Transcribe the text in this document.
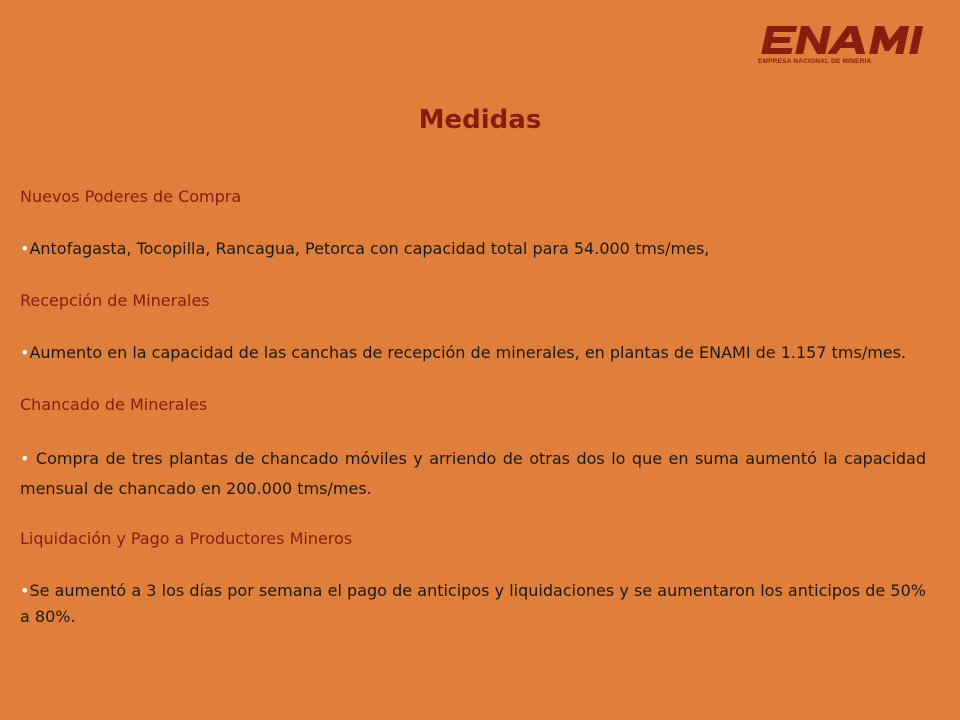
EMPRESA NACIONAL DE MINERIA
Medidas

Nuevos Poderes de Compra

•Antofagasta, Tocopilla, Rancagua, Petorca con capacidad total para 54.000 tms/mes,

Recepción de Minerales

•Aumento en la capacidad de las canchas de recepción de minerales, en plantas de ENAMI de 1.157 tms/mes.

Chancado de Minerales

• Compra de tres plantas de chancado móviles y arriendo de otras dos lo que en suma aumentó la capacidad mensual de chancado en 200.000 tms/mes.

Liquidación y Pago a Productores Mineros

•Se aumentó a 3 los días por semana el pago de anticipos y liquidaciones y se aumentaron los anticipos de 50% a 80%.
